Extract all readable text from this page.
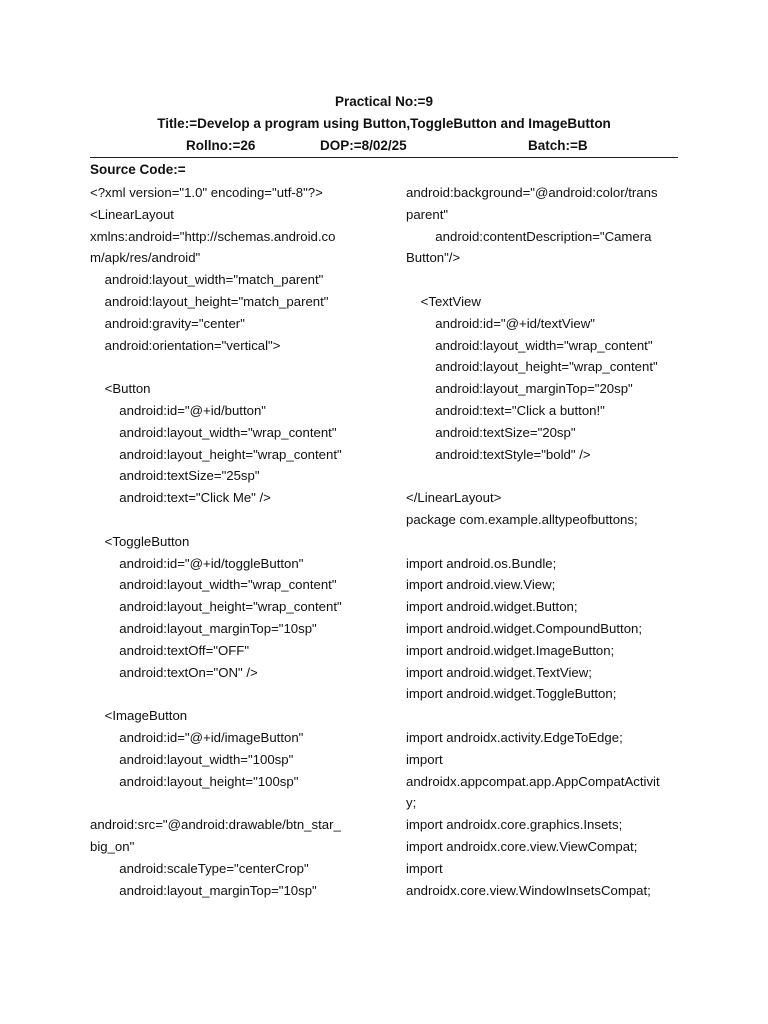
Practical No:=9
Title:=Develop a program using Button,ToggleButton and ImageButton
Rollno:=26	DOP:=8/02/25	Batch:=B
Source Code:=
<?xml version="1.0" encoding="utf-8"?>
<LinearLayout
xmlns:android="http://schemas.android.co
m/apk/res/android"
android:layout_width="match_parent"
android:layout_height="match_parent"
android:gravity="center"
android:orientation="vertical">
<Button
android:id="@+id/button"
android:layout_width="wrap_content"
android:layout_height="wrap_content"
android:textSize="25sp"
android:text="Click Me" />
<ToggleButton
android:id="@+id/toggleButton"
android:layout_width="wrap_content"
android:layout_height="wrap_content"
android:layout_marginTop="10sp"
android:textOff="OFF"
android:textOn="ON" />
<ImageButton
android:id="@+id/imageButton"
android:layout_width="100sp"
android:layout_height="100sp"
android:src="@android:drawable/btn_star_
big_on"
android:scaleType="centerCrop"
android:layout_marginTop="10sp"
android:background="@android:color/trans
parent"
android:contentDescription="Camera
Button"/>
<TextView
android:id="@+id/textView"
android:layout_width="wrap_content"
android:layout_height="wrap_content"
android:layout_marginTop="20sp"
android:text="Click a button!"
android:textSize="20sp"
android:textStyle="bold" />
</LinearLayout>
package com.example.alltypeofbuttons;
import android.os.Bundle;
import android.view.View;
import android.widget.Button;
import android.widget.CompoundButton;
import android.widget.ImageButton;
import android.widget.TextView;
import android.widget.ToggleButton;
import androidx.activity.EdgeToEdge;
import
androidx.appcompat.app.AppCompatActivit
y;
import androidx.core.graphics.Insets;
import androidx.core.view.ViewCompat;
import
androidx.core.view.WindowInsetsCompat;
